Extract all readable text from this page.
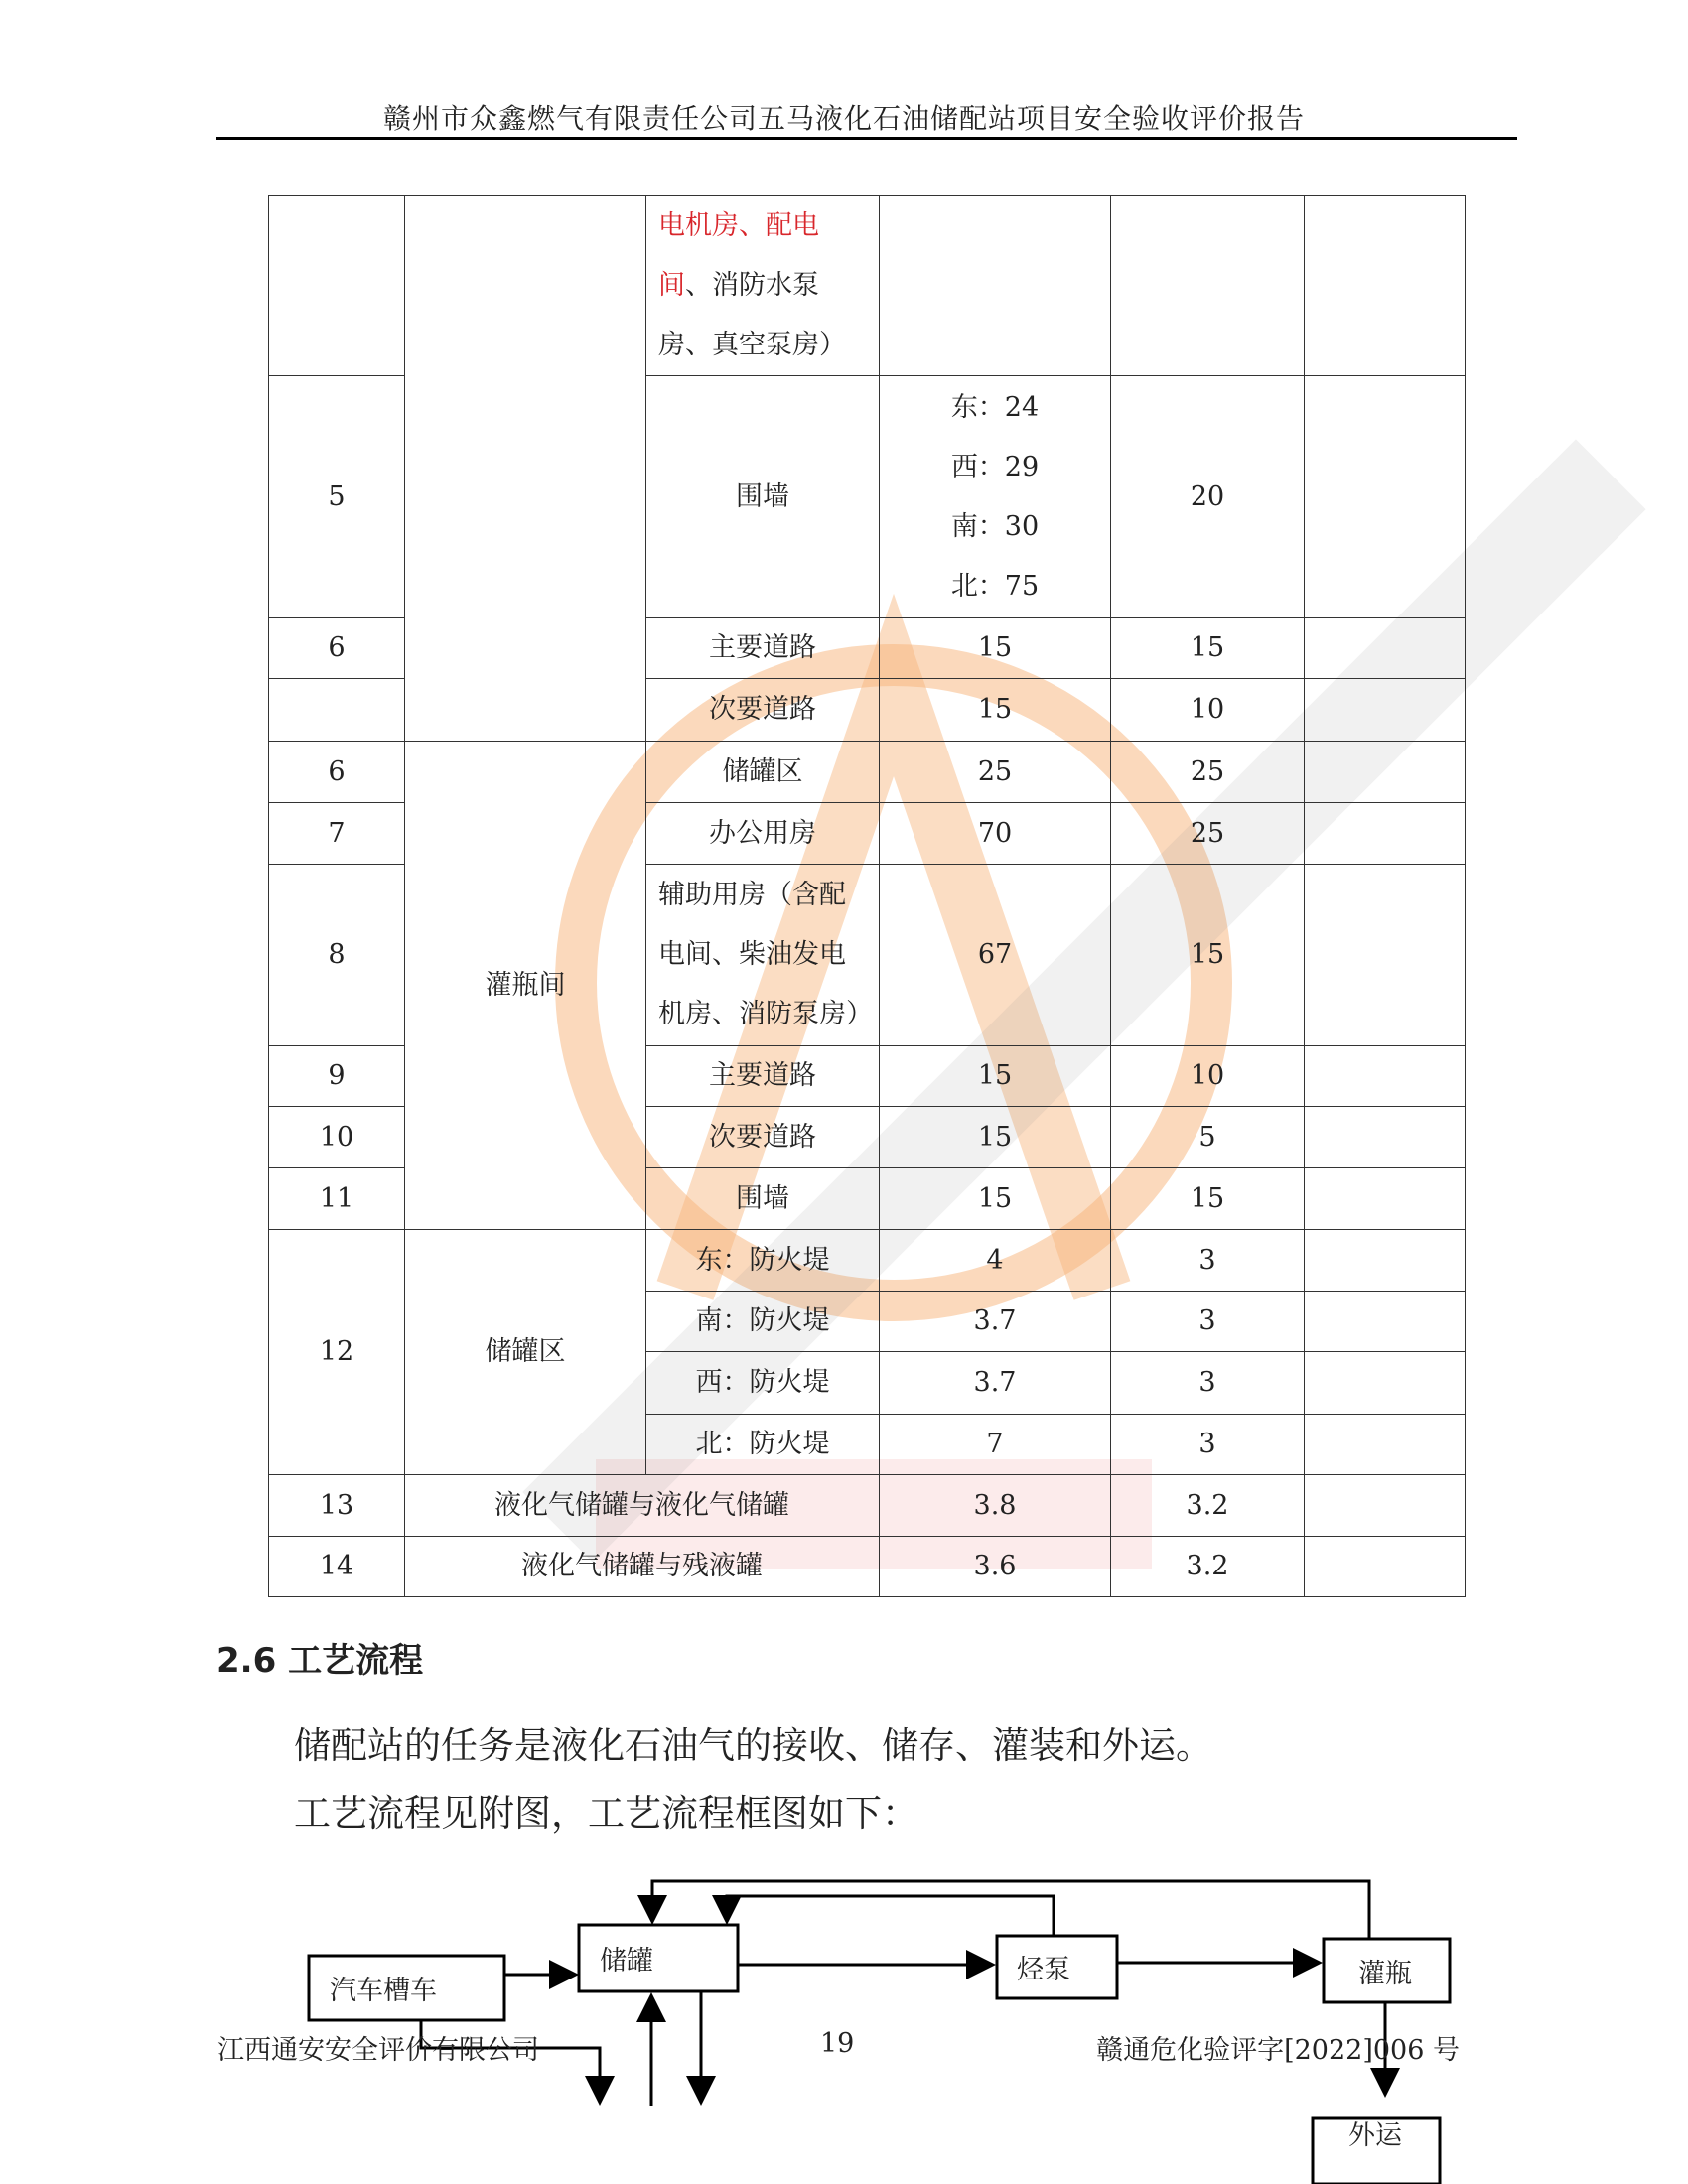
赣州市众鑫燃气有限责任公司五马液化石油储配站项目安全验收评价报告
		电机房、配电间、消防水泵房、真空泵房）			
5		围墙	东：24
西：29
南：30
北：75	20	
6		主要道路	15	15	
		次要道路	15	10	
6	灌瓶间	储罐区	25	25	
7		办公用房	70	25	
8		辅助用房（含配电间、柴油发电机房、消防泵房）	67	15	
9		主要道路	15	10	
10		次要道路	15	5	
11		围墙	15	15	
12	储罐区	东：防火堤	4	3	
		南：防火堤	3.7	3	
		西：防火堤	3.7	3	
		北：防火堤	7	3	
13	液化气储罐与液化气储罐		3.8	3.2	
14	液化气储罐与残液罐		3.6	3.2	
2.6 工艺流程
储配站的任务是液化石油气的接收、储存、灌装和外运。
工艺流程见附图，工艺流程框图如下：
汽车槽车
储罐	烃泵	灌瓶
外运
江西通安安全评价有限公司	19	赣通危化验评字[2022]006 号
